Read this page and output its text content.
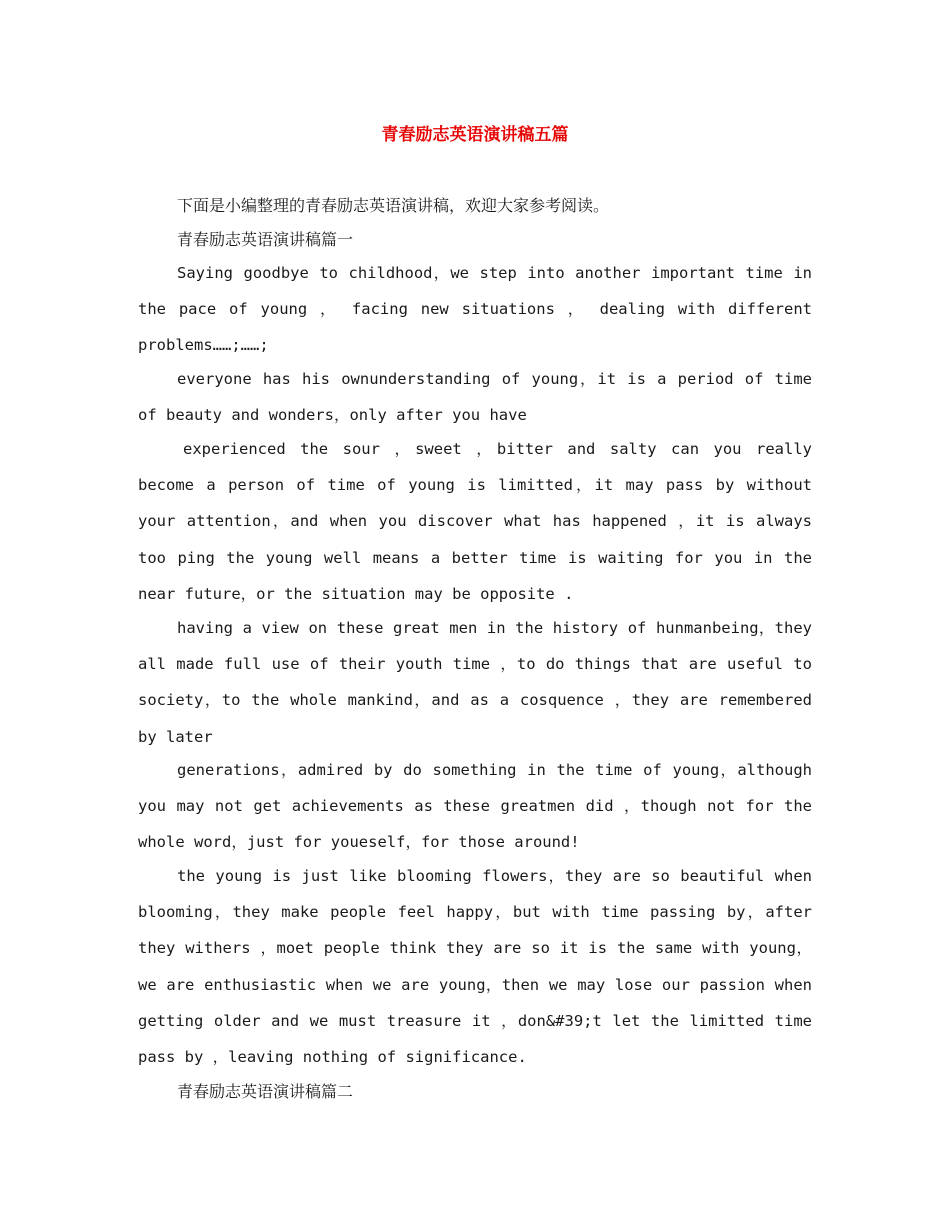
青春励志英语演讲稿五篇
下面是小编整理的青春励志英语演讲稿，欢迎大家参考阅读。
青春励志英语演讲稿篇一
Saying goodbye to childhood，we step into another important time in the pace of young ， facing new situations ， dealing with different problems……;……;
everyone has his ownunderstanding of young，it is a period of time of beauty and wonders，only after you have
experienced the sour ，sweet ，bitter and salty can you really become a person of time of young is limitted，it may pass by without your attention，and when you discover what has happened ，it is always too ping the young well means a better time is waiting for you in the near future，or the situation may be opposite .
having a view on these great men in the history of hunmanbeing，they all made full use of their youth time ，to do things that are useful to society，to the whole mankind，and as a cosquence ，they are remembered by later
generations，admired by do something in the time of young，although you may not get achievements as these greatmen did ，though not for the whole word，just for youeself，for those around!
the young is just like blooming flowers，they are so beautiful when blooming，they make people feel happy，but with time passing by，after they withers ，moet people think they are so it is the same with young，we are enthusiastic when we are young，then we may lose our passion when getting older and we must treasure it ，don&#39;t let the limitted time pass by ，leaving nothing of significance.
青春励志英语演讲稿篇二
